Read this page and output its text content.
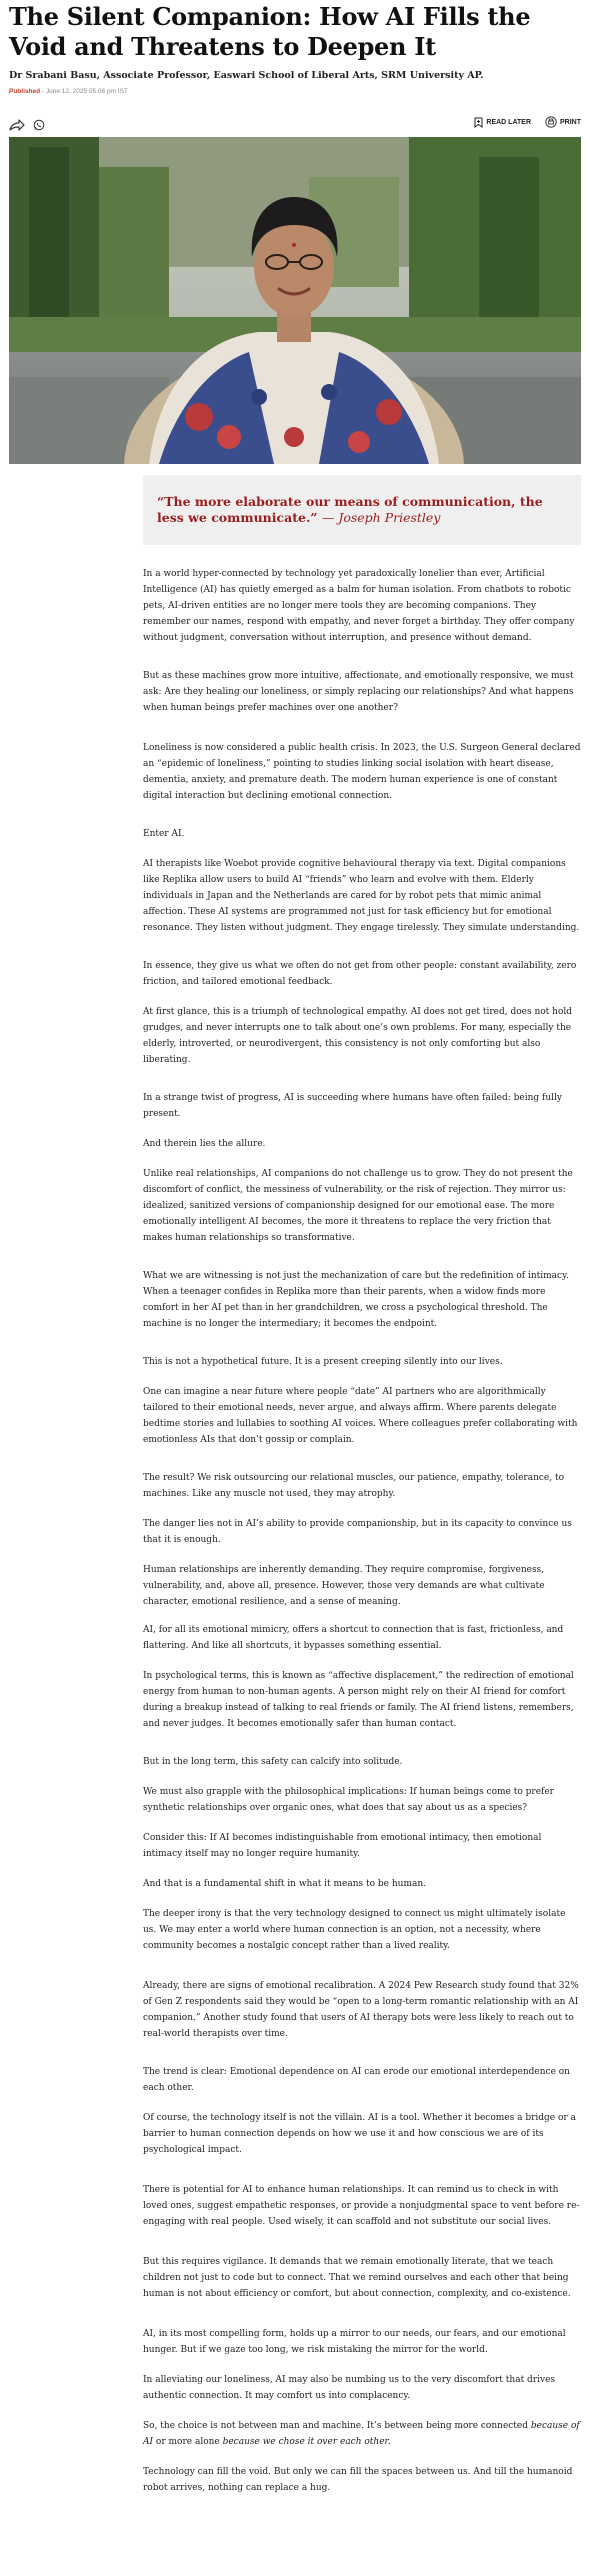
The Silent Companion: How AI Fills the Void and Threatens to Deepen It
Dr Srabani Basu, Associate Professor, Easwari School of Liberal Arts, SRM University AP.
Published - June 12, 2025 05:06 pm IST
READ LATER	PRINT
“The more elaborate our means of communication, the less we communicate.” — Joseph Priestley

In a world hyper-connected by technology yet paradoxically lonelier than ever, Artificial Intelligence (AI) has quietly emerged as a balm for human isolation. From chatbots to robotic pets, AI-driven entities are no longer mere tools they are becoming companions. They remember our names, respond with empathy, and never forget a birthday. They offer company without judgment, conversation without interruption, and presence without demand.

But as these machines grow more intuitive, affectionate, and emotionally responsive, we must ask: Are they healing our loneliness, or simply replacing our relationships? And what happens when human beings prefer machines over one another?

Loneliness is now considered a public health crisis. In 2023, the U.S. Surgeon General declared an “epidemic of loneliness,” pointing to studies linking social isolation with heart disease, dementia, anxiety, and premature death. The modern human experience is one of constant digital interaction but declining emotional connection.

Enter AI.

AI therapists like Woebot provide cognitive behavioural therapy via text. Digital companions like Replika allow users to build AI “friends” who learn and evolve with them. Elderly individuals in Japan and the Netherlands are cared for by robot pets that mimic animal affection. These AI systems are programmed not just for task efficiency but for emotional resonance. They listen without judgment. They engage tirelessly. They simulate understanding.

In essence, they give us what we often do not get from other people: constant availability, zero friction, and tailored emotional feedback.

At first glance, this is a triumph of technological empathy. AI does not get tired, does not hold grudges, and never interrupts one to talk about one’s own problems. For many, especially the elderly, introverted, or neurodivergent, this consistency is not only comforting but also liberating.

In a strange twist of progress, AI is succeeding where humans have often failed: being fully present.

And therein lies the allure.

Unlike real relationships, AI companions do not challenge us to grow. They do not present the discomfort of conflict, the messiness of vulnerability, or the risk of rejection. They mirror us: idealized, sanitized versions of companionship designed for our emotional ease. The more emotionally intelligent AI becomes, the more it threatens to replace the very friction that makes human relationships so transformative.

What we are witnessing is not just the mechanization of care but the redefinition of intimacy. When a teenager confides in Replika more than their parents, when a widow finds more comfort in her AI pet than in her grandchildren, we cross a psychological threshold. The machine is no longer the intermediary; it becomes the endpoint.

This is not a hypothetical future. It is a present creeping silently into our lives.

One can imagine a near future where people “date” AI partners who are algorithmically tailored to their emotional needs, never argue, and always affirm. Where parents delegate bedtime stories and lullabies to soothing AI voices. Where colleagues prefer collaborating with emotionless AIs that don’t gossip or complain.

The result? We risk outsourcing our relational muscles, our patience, empathy, tolerance, to machines. Like any muscle not used, they may atrophy.

The danger lies not in AI’s ability to provide companionship, but in its capacity to convince us that it is enough.

Human relationships are inherently demanding. They require compromise, forgiveness, vulnerability, and, above all, presence. However, those very demands are what cultivate character, emotional resilience, and a sense of meaning.

AI, for all its emotional mimicry, offers a shortcut to connection that is fast, frictionless, and flattering. And like all shortcuts, it bypasses something essential.

In psychological terms, this is known as “affective displacement,” the redirection of emotional energy from human to non-human agents. A person might rely on their AI friend for comfort during a breakup instead of talking to real friends or family. The AI friend listens, remembers, and never judges. It becomes emotionally safer than human contact.

But in the long term, this safety can calcify into solitude.

We must also grapple with the philosophical implications: If human beings come to prefer synthetic relationships over organic ones, what does that say about us as a species?

Consider this: If AI becomes indistinguishable from emotional intimacy, then emotional intimacy itself may no longer require humanity.

And that is a fundamental shift in what it means to be human.

The deeper irony is that the very technology designed to connect us might ultimately isolate us. We may enter a world where human connection is an option, not a necessity, where community becomes a nostalgic concept rather than a lived reality.

Already, there are signs of emotional recalibration. A 2024 Pew Research study found that 32% of Gen Z respondents said they would be “open to a long-term romantic relationship with an AI companion.” Another study found that users of AI therapy bots were less likely to reach out to real-world therapists over time.

The trend is clear: Emotional dependence on AI can erode our emotional interdependence on each other.

Of course, the technology itself is not the villain. AI is a tool. Whether it becomes a bridge or a barrier to human connection depends on how we use it and how conscious we are of its psychological impact.

There is potential for AI to enhance human relationships. It can remind us to check in with loved ones, suggest empathetic responses, or provide a nonjudgmental space to vent before re-engaging with real people. Used wisely, it can scaffold and not substitute our social lives.

But this requires vigilance. It demands that we remain emotionally literate, that we teach children not just to code but to connect. That we remind ourselves and each other that being human is not about efficiency or comfort, but about connection, complexity, and co-existence.

AI, in its most compelling form, holds up a mirror to our needs, our fears, and our emotional hunger. But if we gaze too long, we risk mistaking the mirror for the world.

In alleviating our loneliness, AI may also be numbing us to the very discomfort that drives authentic connection. It may comfort us into complacency.

So, the choice is not between man and machine. It’s between being more connected because of AI or more alone because we chose it over each other.

Technology can fill the void. But only we can fill the spaces between us. And till the humanoid robot arrives, nothing can replace a hug.
